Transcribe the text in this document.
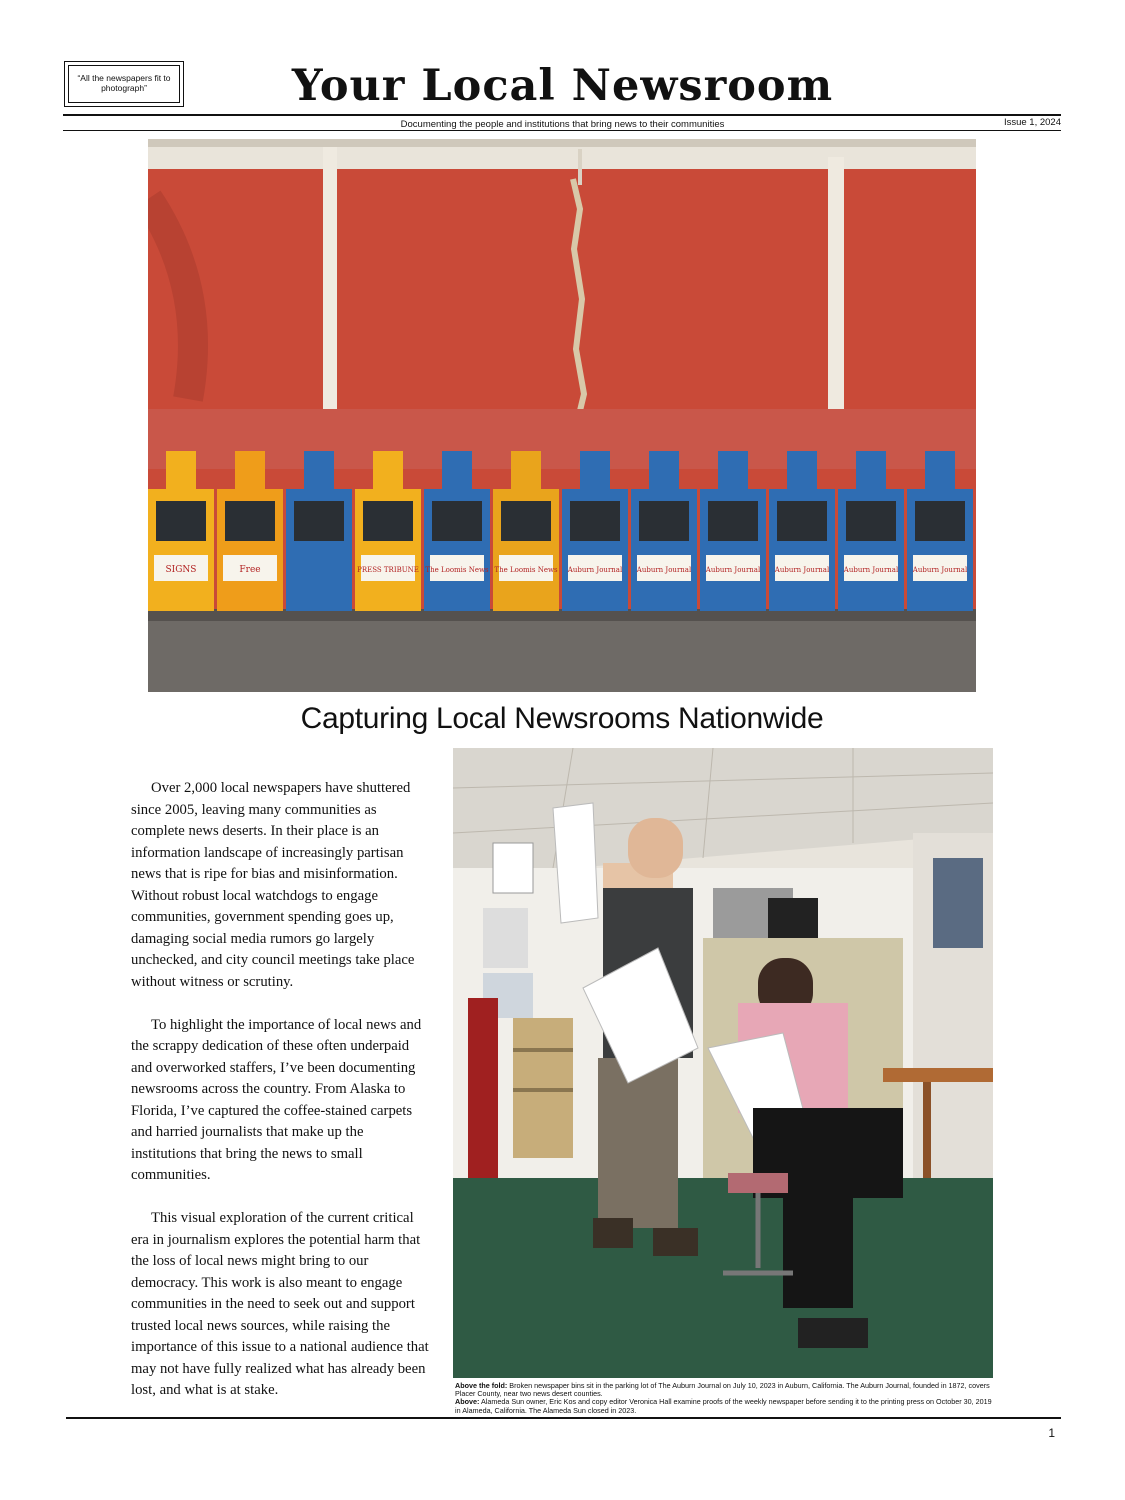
“All the newspapers fit to photograph”	Your Local Newsroom
Documenting the people and institutions that bring news to their communities	Issue 1, 2024
SIGNS	Free	PRESS TRIBUNE The Loomis News The Loomis News Auburn Journal Auburn Journal Auburn Journal Auburn Journal Auburn Journal Auburn Journal
Capturing Local Newsrooms Nationwide

Over 2,000 local newspapers have shuttered since 2005, leaving many communities as complete news deserts. In their place is an information landscape of increasingly partisan news that is ripe for bias and misinformation. Without robust local watchdogs to engage communities, government spending goes up, damaging social media rumors go largely unchecked, and city council meetings take place without witness or scrutiny.

To highlight the importance of local news and the scrappy dedication of these often underpaid and overworked staffers, I’ve been documenting newsrooms across the country. From Alaska to Florida, I’ve captured the coffee-stained carpets and harried journalists that make up the institutions that bring the news to small communities.

This visual exploration of the current critical era in journalism explores the potential harm that the loss of local news might bring to our democracy. This work is also meant to engage communities in the need to seek out and support trusted local news sources, while raising the importance of this issue to a national audience that may not have fully realized what has already been lost, and what is at stake.	Above the fold: Broken newspaper bins sit in the parking lot of The Auburn Journal on July 10, 2023 in Auburn, California. The Auburn Journal, founded in 1872, covers Placer County, near two news desert counties.

Above: Alameda Sun owner, Eric Kos and copy editor Veronica Hall examine proofs of the weekly newspaper before sending it to the printing press on October 30, 2019 in Alameda, California. The Alameda Sun closed in 2023.

1
